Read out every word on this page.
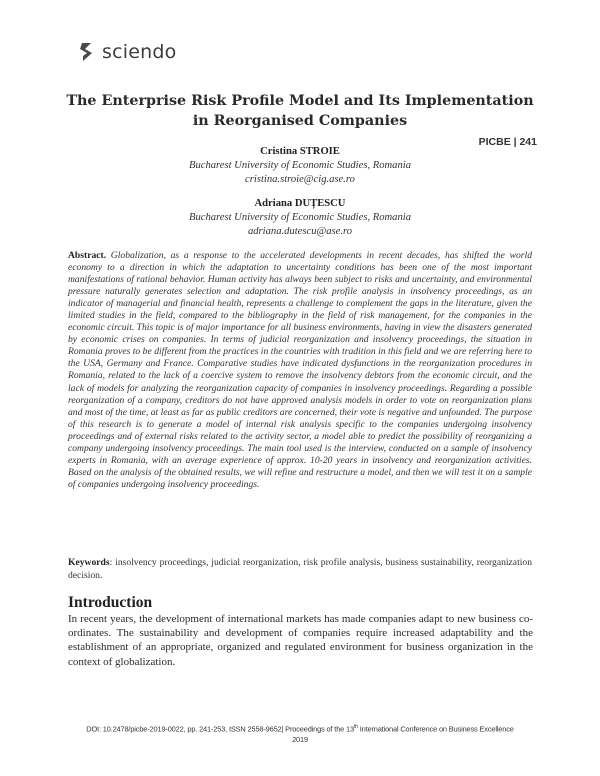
sciendo
The Enterprise Risk Profile Model and Its Implementation in Reorganised Companies
PICBE | 241
Cristina STROIE
Bucharest University of Economic Studies, Romania
cristina.stroie@cig.ase.ro
Adriana DUȚESCU
Bucharest University of Economic Studies, Romania
adriana.dutescu@ase.ro
Abstract. Globalization, as a response to the accelerated developments in recent decades, has shifted the world economy to a direction in which the adaptation to uncertainty conditions has been one of the most important manifestations of rational behavior. Human activity has always been subject to risks and uncertainty, and environmental pressure naturally generates selection and adaptation. The risk profile analysis in insolvency proceedings, as an indicator of managerial and financial health, represents a challenge to complement the gaps in the literature, given the limited studies in the field, compared to the bibliography in the field of risk management, for the companies in the economic circuit. This topic is of major importance for all business environments, having in view the disasters generated by economic crises on companies. In terms of judicial reorganization and insolvency proceedings, the situation in Romania proves to be different from the practices in the countries with tradition in this field and we are referring here to the USA, Germany and France. Comparative studies have indicated dysfunctions in the reorganization procedures in Romania, related to the lack of a coercive system to remove the insolvency debtors from the economic circuit, and the lack of models for analyzing the reorganization capacity of companies in insolvency proceedings. Regarding a possible reorganization of a company, creditors do not have approved analysis models in order to vote on reorganization plans and most of the time, at least as far as public creditors are concerned, their vote is negative and unfounded. The purpose of this research is to generate a model of internal risk analysis specific to the companies undergoing insolvency proceedings and of external risks related to the activity sector, a model able to predict the possibility of reorganizing a company undergoing insolvency proceedings. The main tool used is the interview, conducted on a sample of insolvency experts in Romania, with an average experience of approx. 10-20 years in insolvency and reorganization activities. Based on the analysis of the obtained results, we will refine and restructure a model, and then we will test it on a sample of companies undergoing insolvency proceedings.
Keywords: insolvency proceedings, judicial reorganization, risk profile analysis, business sustainability, reorganization decision.
Introduction
In recent years, the development of international markets has made companies adapt to new business co-ordinates. The sustainability and development of companies require increased adaptability and the establishment of an appropriate, organized and regulated environment for business organization in the context of globalization.
DOI: 10.2478/picbe-2019-0022, pp. 241-253, ISSN 2558-9652| Proceedings of the 13th International Conference on Business Excellence 2019
